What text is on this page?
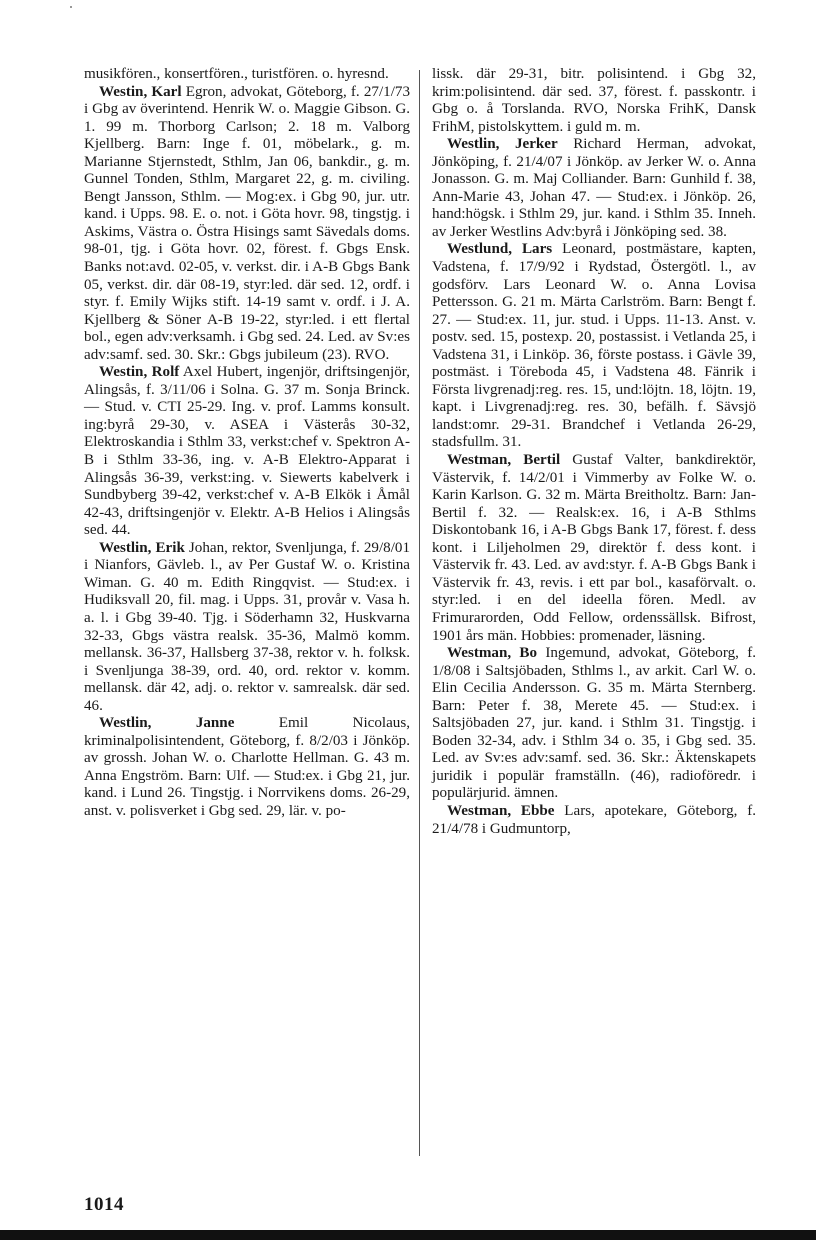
musikfören., konsertfören., turistfören. o. hyresnd.

Westin, Karl Egron, advokat, Göteborg, f. 27/1/73 i Gbg av överintend. Henrik W. o. Maggie Gibson. G. 1. 99 m. Thorborg Carlson; 2. 18 m. Valborg Kjellberg. Barn: Inge f. 01, möbelark., g. m. Marianne Stjernstedt, Sthlm, Jan 06, bankdir., g. m. Gunnel Tonden, Sthlm, Margaret 22, g. m. civiling. Bengt Jansson, Sthlm. — Mog:ex. i Gbg 90, jur. utr. kand. i Upps. 98. E. o. not. i Göta hovr. 98, tingstjg. i Askims, Västra o. Östra Hisings samt Sävedals doms. 98-01, tjg. i Göta hovr. 02, förest. f. Gbgs Ensk. Banks not:avd. 02-05, v. verkst. dir. i A-B Gbgs Bank 05, verkst. dir. där 08-19, styr:led. där sed. 12, ordf. i styr. f. Emily Wijks stift. 14-19 samt v. ordf. i J. A. Kjellberg & Söner A-B 19-22, styr:led. i ett flertal bol., egen adv:verksamh. i Gbg sed. 24. Led. av Sv:es adv:samf. sed. 30. Skr.: Gbgs jubileum (23). RVO.

Westin, Rolf Axel Hubert, ingenjör, driftsingenjör, Alingsås, f. 3/11/06 i Solna. G. 37 m. Sonja Brinck. — Stud. v. CTI 25-29. Ing. v. prof. Lamms konsult. ing:byrå 29-30, v. ASEA i Västerås 30-32, Elektroskandia i Sthlm 33, verkst:chef v. Spektron A-B i Sthlm 33-36, ing. v. A-B Elektro-Apparat i Alingsås 36-39, verkst:ing. v. Siewerts kabelverk i Sundbyberg 39-42, verkst:chef v. A-B Elkök i Åmål 42-43, driftsingenjör v. Elektr. A-B Helios i Alingsås sed. 44.

Westlin, Erik Johan, rektor, Svenljunga, f. 29/8/01 i Nianfors, Gävleb. l., av Per Gustaf W. o. Kristina Wiman. G. 40 m. Edith Ringqvist. — Stud:ex. i Hudiksvall 20, fil. mag. i Upps. 31, provår v. Vasa h. a. l. i Gbg 39-40. Tjg. i Söderhamn 32, Huskvarna 32-33, Gbgs västra realsk. 35-36, Malmö komm. mellansk. 36-37, Hallsberg 37-38, rektor v. h. folksk. i Svenljunga 38-39, ord. 40, ord. rektor v. komm. mellansk. där 42, adj. o. rektor v. samrealsk. där sed. 46.

Westlin, Janne Emil Nicolaus, kriminalpolisintendent, Göteborg, f. 8/2/03 i Jönköp. av grossh. Johan W. o. Charlotte Hellman. G. 43 m. Anna Engström. Barn: Ulf. — Stud:ex. i Gbg 21, jur. kand. i Lund 26. Tingstjg. i Norrvikens doms. 26-29, anst. v. polisverket i Gbg sed. 29, lär. v. po-

lissk. där 29-31, bitr. polisintend. i Gbg 32, krim:polisintend. där sed. 37, förest. f. passkontr. i Gbg o. å Torslanda. RVO, Norska FrihK, Dansk FrihM, pistolskyttem. i guld m. m.

Westlin, Jerker Richard Herman, advokat, Jönköping, f. 21/4/07 i Jönköp. av Jerker W. o. Anna Jonasson. G. m. Maj Colliander. Barn: Gunhild f. 38, Ann-Marie 43, Johan 47. — Stud:ex. i Jönköp. 26, hand:högsk. i Sthlm 29, jur. kand. i Sthlm 35. Inneh. av Jerker Westlins Adv:byrå i Jönköping sed. 38.

Westlund, Lars Leonard, postmästare, kapten, Vadstena, f. 17/9/92 i Rydstad, Östergötl. l., av godsförv. Lars Leonard W. o. Anna Lovisa Pettersson. G. 21 m. Märta Carlström. Barn: Bengt f. 27. — Stud:ex. 11, jur. stud. i Upps. 11-13. Anst. v. postv. sed. 15, postexp. 20, postassist. i Vetlanda 25, i Vadstena 31, i Linköp. 36, förste postass. i Gävle 39, postmäst. i Töreboda 45, i Vadstena 48. Fänrik i Första livgrenadj:reg. res. 15, und:löjtn. 18, löjtn. 19, kapt. i Livgrenadj:reg. res. 30, befälh. f. Sävsjö landst:omr. 29-31. Brandchef i Vetlanda 26-29, stadsfullm. 31.

Westman, Bertil Gustaf Valter, bankdirektör, Västervik, f. 14/2/01 i Vimmerby av Folke W. o. Karin Karlson. G. 32 m. Märta Breitholtz. Barn: Jan-Bertil f. 32. — Realsk:ex. 16, i A-B Sthlms Diskontobank 16, i A-B Gbgs Bank 17, förest. f. dess kont. i Liljeholmen 29, direktör f. dess kont. i Västervik fr. 43. Led. av avd:styr. f. A-B Gbgs Bank i Västervik fr. 43, revis. i ett par bol., kasaförvalt. o. styr:led. i en del ideella fören. Medl. av Frimurarorden, Odd Fellow, ordenssällsk. Bifrost, 1901 års män. Hobbies: promenader, läsning.

Westman, Bo Ingemund, advokat, Göteborg, f. 1/8/08 i Saltsjöbaden, Sthlms l., av arkit. Carl W. o. Elin Cecilia Andersson. G. 35 m. Märta Sternberg. Barn: Peter f. 38, Merete 45. — Stud:ex. i Saltsjöbaden 27, jur. kand. i Sthlm 31. Tingstjg. i Boden 32-34, adv. i Sthlm 34 o. 35, i Gbg sed. 35. Led. av Sv:es adv:samf. sed. 36. Skr.: Äktenskapets juridik i populär framställn. (46), radioföredr. i populärjurid. ämnen.

Westman, Ebbe Lars, apotekare, Göteborg, f. 21/4/78 i Gudmuntorp,

1014
